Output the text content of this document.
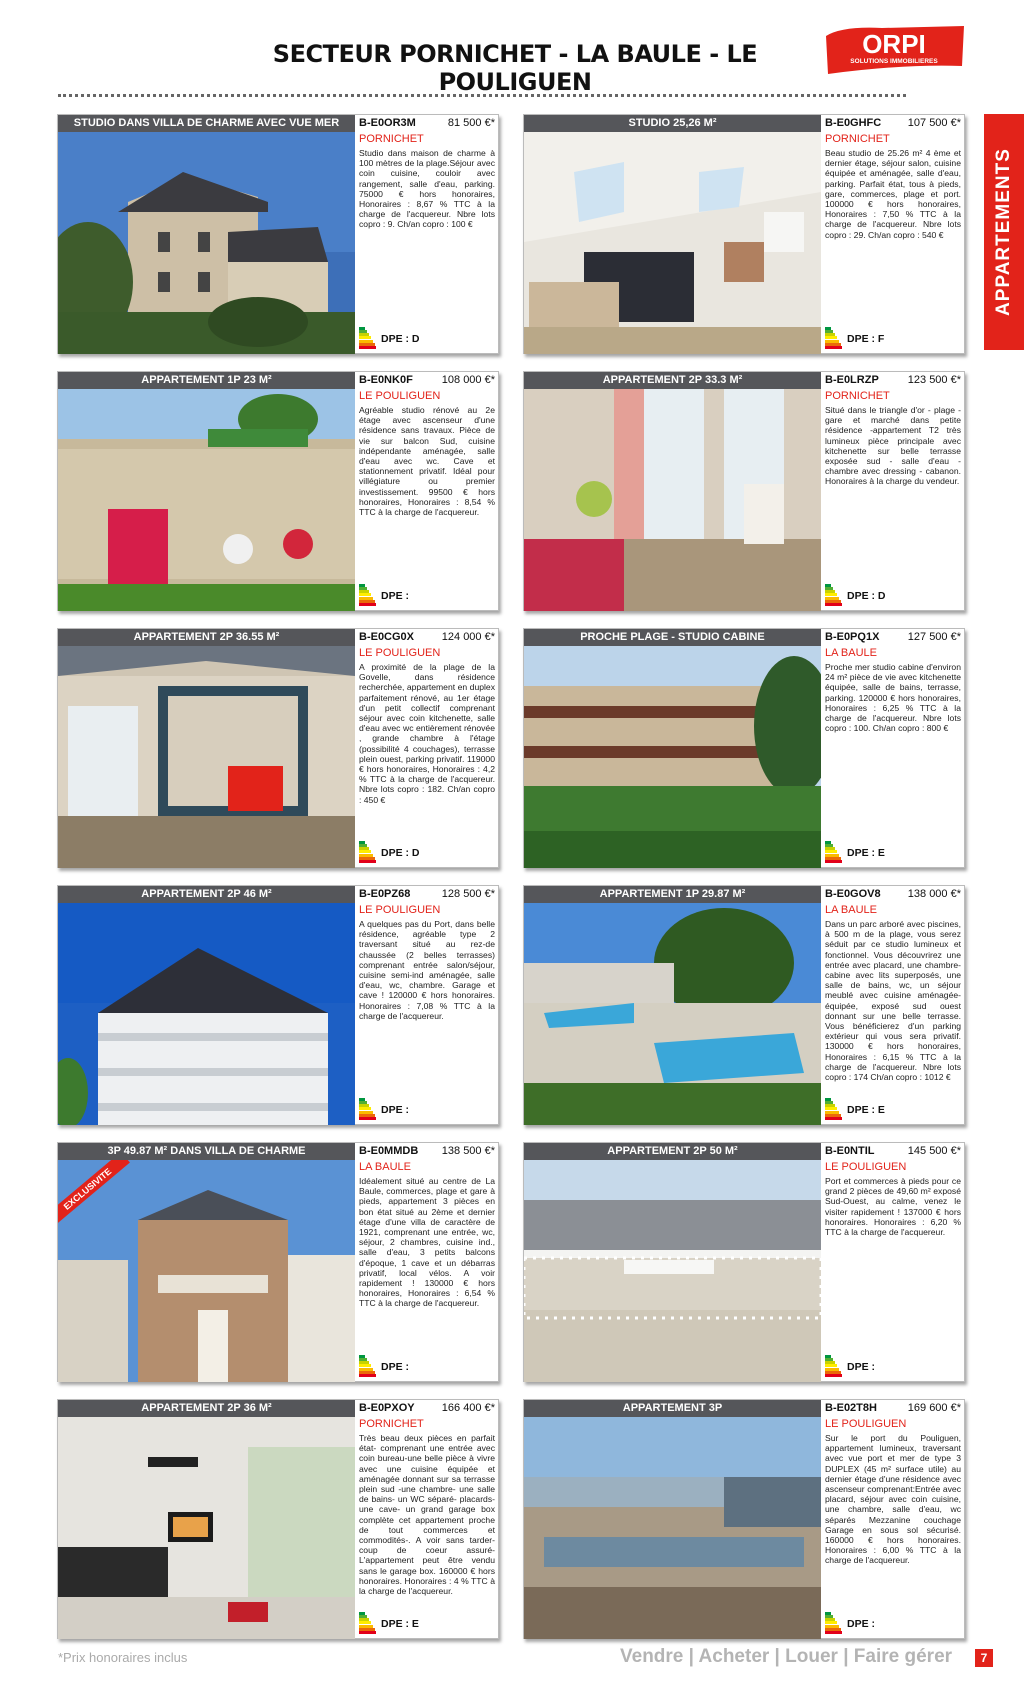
SECTEUR PORNICHET - LA BAULE - LE POULIGUEN
ORPI
SOLUTIONS IMMOBILIERES
APPARTEMENTS
STUDIO DANS VILLA DE CHARME AVEC VUE MER	B-E0OR3M	81 500 €*
PORNICHET
Studio dans maison de charme à 100 mètres de la plage.Séjour avec coin cuisine, couloir avec rangement, salle d'eau, parking. 75000 € hors honoraires, Honoraires : 8,67 % TTC à la charge de l'acquereur. Nbre lots copro : 9. Ch/an copro : 100 €
DPE : D
STUDIO 25,26 M²	B-E0GHFC 107 500 €*
PORNICHET
Beau studio de 25.26 m² 4 ème et dernier étage, séjour salon, cuisine équipée et aménagée, salle d'eau, parking. Parfait état, tous à pieds, gare, commerces, plage et port. 100000 € hors honoraires, Honoraires : 7,50 % TTC à la charge de l'acquereur. Nbre lots copro : 29. Ch/an copro : 540 €
DPE : F
APPARTEMENT 1P 23 M²	B-E0NK0F	108 000 €*
LE POULIGUEN
Agréable studio rénové au 2e étage avec ascenseur d'une résidence sans travaux. Pièce de vie sur balcon Sud, cuisine indépendante aménagée, salle d'eau avec wc. Cave et stationnement privatif. Idéal pour villégiature ou premier investissement. 99500 € hors honoraires, Honoraires : 8,54 % TTC à la charge de l'acquereur.
DPE :
APPARTEMENT 2P 33.3 M²	B-E0LRZP	123 500 €*
PORNICHET
Situé dans le triangle d'or - plage - gare et marché dans petite résidence -appartement T2 très lumineux pièce principale avec kitchenette sur belle terrasse exposée sud - salle d'eau - chambre avec dressing - cabanon. Honoraires à la charge du vendeur.
DPE : D
APPARTEMENT 2P 36.55 M²	B-E0CG0X	124 000 €*
LE POULIGUEN
A proximité de la plage de la Govelle, dans résidence recherchée, appartement en duplex parfaitement rénové, au 1er étage d'un petit collectif comprenant séjour avec coin kitchenette, salle d'eau avec wc entièrement rénovée , grande chambre à l'étage (possibilité 4 couchages), terrasse plein ouest, parking privatif. 119000 € hors honoraires, Honoraires : 4,2 % TTC à la charge de l'acquereur. Nbre lots copro : 182. Ch/an copro : 450 €
DPE : D
PROCHE PLAGE - STUDIO CABINE	B-E0PQ1X	127 500 €*
LA BAULE
Proche mer studio cabine d'environ 24 m² pièce de vie avec kitchenette équipée, salle de bains, terrasse, parking. 120000 € hors honoraires, Honoraires : 6,25 % TTC à la charge de l'acquereur. Nbre lots copro : 100. Ch/an copro : 800 €
DPE : E
APPARTEMENT 2P 46 M²	B-E0PZ68	128 500 €*
LE POULIGUEN
A quelques pas du Port, dans belle résidence, agréable type 2 traversant situé au rez-de chaussée (2 belles terrasses) comprenant entrée salon/séjour, cuisine semi-ind aménagée, salle d'eau, wc, chambre. Garage et cave ! 120000 € hors honoraires. Honoraires : 7,08 % TTC à la charge de l'acquereur.
DPE :
APPARTEMENT 1P 29.87 M²	B-E0GOV8 138 000 €*
LA BAULE
Dans un parc arboré avec piscines, à 500 m de la plage, vous serez séduit par ce studio lumineux et fonctionnel. Vous découvrirez une entrée avec placard, une chambre-cabine avec lits superposés, une salle de bains, wc, un séjour meublé avec cuisine aménagée-équipée, exposé sud ouest donnant sur une belle terrasse. Vous bénéficierez d'un parking extérieur qui vous sera privatif. 130000 € hors honoraires, Honoraires : 6,15 % TTC à la charge de l'acquereur. Nbre lots copro : 174 Ch/an copro : 1012 €
DPE : E
3P 49.87 M² DANS VILLA DE CHARME
EXCLUSIVITE
B-E0MMDB 138 500 €*
LA BAULE
Idéalement situé au centre de La Baule, commerces, plage et gare à pieds, appartement 3 pièces en bon état situé au 2ème et dernier étage d'une villa de caractère de 1921, comprenant une entrée, wc, séjour, 2 chambres, cuisine ind., salle d'eau, 3 petits balcons d'époque, 1 cave et un débarras privatif, local vélos. A voir rapidement ! 130000 € hors honoraires, Honoraires : 6,54 % TTC à la charge de l'acquereur.
DPE :
APPARTEMENT 2P 50 M²	B-E0NTIL	145 500 €*
LE POULIGUEN
Port et commerces à pieds pour ce grand 2 pièces de 49,60 m² exposé Sud-Ouest, au calme, venez le visiter rapidement ! 137000 € hors honoraires. Honoraires : 6,20 % TTC à la charge de l'acquereur.
DPE :
APPARTEMENT 2P 36 M²	B-E0PXOY 166 400 €*
PORNICHET
Très beau deux pièces en parfait état- comprenant une entrée avec coin bureau-une belle pièce à vivre avec une cuisine équipée et aménagée donnant sur sa terrasse plein sud -une chambre- une salle de bains- un WC séparé- placards- une cave- un grand garage box complète cet appartement proche de tout commerces et commodités-. A voir sans tarder- coup de coeur assuré- L'appartement peut être vendu sans le garage box. 160000 € hors honoraires. Honoraires : 4 % TTC à la charge de l'acquereur.
DPE : E
APPARTEMENT 3P	B-E02T8H	169 600 €*
LE POULIGUEN
Sur le port du Pouliguen, appartement lumineux, traversant avec vue port et mer de type 3 DUPLEX (45 m² surface utile) au dernier étage d'une résidence avec ascenseur comprenant:Entrée avec placard, séjour avec coin cuisine, une chambre, salle d'eau, wc séparés Mezzanine couchage Garage en sous sol sécurisé. 160000 € hors honoraires. Honoraires : 6,00 % TTC à la charge de l'acquereur.
DPE :
*Prix honoraires inclus	Vendre | Acheter | Louer | Faire gérer	7
